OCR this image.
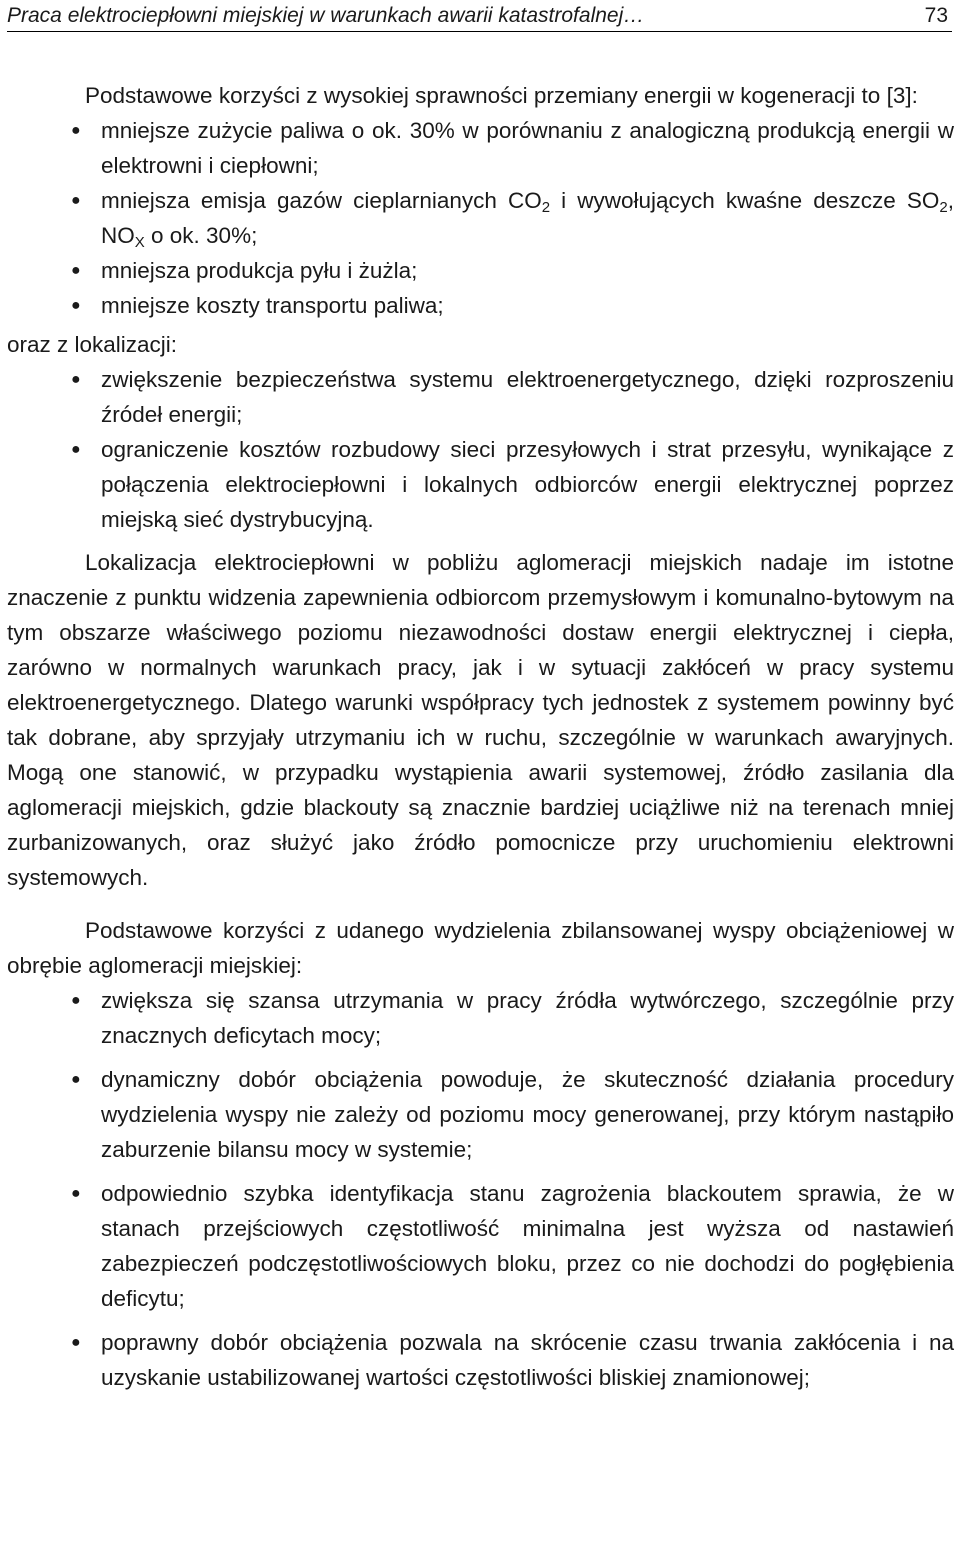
Praca elektrociepłowni miejskiej w warunkach awarii katastrofalnej…	73

Podstawowe korzyści z wysokiej sprawności przemiany energii w kogeneracji to [3]:

● mniejsze zużycie paliwa o ok. 30% w porównaniu z analogiczną produkcją energii w elektrowni i ciepłowni;
● mniejsza emisja gazów cieplarnianych $CO_2$ i wywołujących kwaśne deszcze $SO_2$, $NO_X$ o ok. 30%;
● mniejsza produkcja pyłu i żużla;
● mniejsze koszty transportu paliwa;

oraz z lokalizacji:

● zwiększenie bezpieczeństwa systemu elektroenergetycznego, dzięki rozproszeniu źródeł energii;
● ograniczenie kosztów rozbudowy sieci przesyłowych i strat przesyłu, wynikające z połączenia elektrociepłowni i lokalnych odbiorców energii elektrycznej poprzez miejską sieć dystrybucyjną.

Lokalizacja elektrociepłowni w pobliżu aglomeracji miejskich nadaje im istotne znaczenie z punktu widzenia zapewnienia odbiorcom przemysłowym i komunalno-bytowym na tym obszarze właściwego poziomu niezawodności dostaw energii elektrycznej i ciepła, zarówno w normalnych warunkach pracy, jak i w sytuacji zakłóceń w pracy systemu elektroenergetycznego. Dlatego warunki współpracy tych jednostek z systemem powinny być tak dobrane, aby sprzyjały utrzymaniu ich w ruchu, szczególnie w warunkach awaryjnych. Mogą one stanowić, w przypadku wystąpienia awarii systemowej, źródło zasilania dla aglomeracji miejskich, gdzie blackouty są znacznie bardziej uciążliwe niż na terenach mniej zurbanizowanych, oraz służyć jako źródło pomocnicze przy uruchomieniu elektrowni systemowych.

Podstawowe korzyści z udanego wydzielenia zbilansowanej wyspy obciążeniowej w obrębie aglomeracji miejskiej:

● zwiększa się szansa utrzymania w pracy źródła wytwórczego, szczególnie przy znacznych deficytach mocy;
● dynamiczny dobór obciążenia powoduje, że skuteczność działania procedury wydzielenia wyspy nie zależy od poziomu mocy generowanej, przy którym nastąpiło zaburzenie bilansu mocy w systemie;
● odpowiednio szybka identyfikacja stanu zagrożenia blackoutem sprawia, że w stanach przejściowych częstotliwość minimalna jest wyższa od nastawień zabezpieczeń podczęstotliwościowych bloku, przez co nie dochodzi do pogłębienia deficytu;
● poprawny dobór obciążenia pozwala na skrócenie czasu trwania zakłócenia i na uzyskanie ustabilizowanej wartości częstotliwości bliskiej znamionowej;
